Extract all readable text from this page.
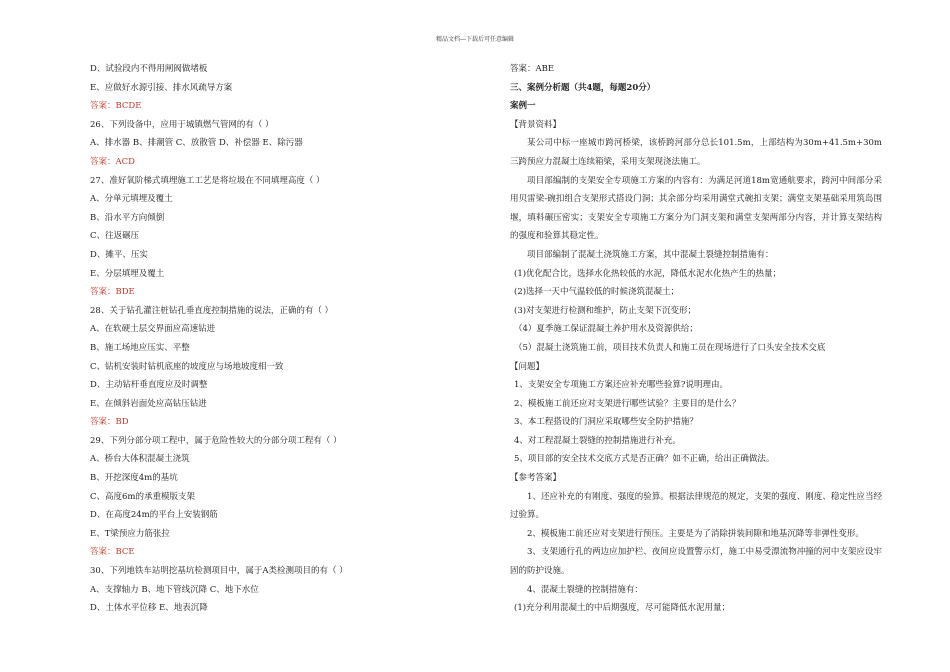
精品文档---下载后可任意编辑
D、试验段内不得用闸阀做堵板
E、应做好水源引接、排水风疏导方案
答案：BCDE
26、下列设备中，应用于城镇燃气管网的有（ ）
A、排水器 B、排潮管 C、放散管 D、补偿器 E、除污器
答案：ACD
27、准好氧阶梯式填埋施工工艺是将垃圾在不同填埋高度（ ）
A、分单元填埋及覆土
B、沿水平方向倾倒
C、往返碾压
D、摊平、压实
E、分层填埋及覆土
答案：BDE
28、关于钻孔灌注桩钻孔垂直度控制措施的说法，正确的有（ ）
A、在软硬土层交界面应高速钻进
B、施工场地应压实、平整
C、钻机安装时钻机底座的坡度应与场地坡度相一致
D、主动钻杆垂直度应及时调整
E、在倾斜岩面处应高钻压钻进
答案：BD
29、下列分部分项工程中，属于危险性较大的分部分项工程有（ ）
A、桥台大体积混凝土浇筑
B、开挖深度4m的基坑
C、高度6m的承重模版支架
D、在高度24m的平台上安装钢筋
E、T梁预应力筋张拉
答案：BCE
30、下列地铁车站明挖基坑检测项目中，属于A类检测项目的有（ ）
A、支撑轴力 B、地下管线沉降 C、地下水位
D、土体水平位移 E、地表沉降
答案：ABE
三、案例分析题（共4题，每题20分）
案例一
【背景资料】
某公司中标一座城市跨河桥梁，该桥跨河部分总长101.5m，上部结构为30m+41.5m+30m三跨预应力混凝土连续箱梁，采用支架现浇法施工。
项目部编制的支架安全专项施工方案的内容有：为满足河道18m宽通航要求，跨河中间部分采用贝雷梁-碗扣组合支架形式搭设门洞；其余部分均采用满堂式碗扣支架；满堂支架基础采用筑岛围堰，填料碾压密实；支架安全专项施工方案分为门洞支架和满堂支架两部分内容，并计算支架结构的强度和验算其稳定性。
项目部编制了混凝土浇筑施工方案，其中混凝土裂缝控制措施有：
(1)优化配合比，选择水化热较低的水泥，降低水泥水化热产生的热量；
(2)选择一天中气温较低的时候浇筑混凝土；
(3)对支架进行检测和维护，防止支架下沉变形；
（4）夏季施工保证混凝土养护用水及资源供给；
（5）混凝土浇筑施工前，项目技术负责人和施工员在现场进行了口头安全技术交底
【问题】
1、支架安全专项施工方案还应补充哪些验算?说明理由。
2、模板施工前还应对支架进行哪些试验？主要目的是什么？
3、本工程搭设的门洞应采取哪些安全防护措施？
4、对工程混凝土裂缝的控制措施进行补充。
5、项目部的安全技术交底方式是否正确？如不正确，给出正确做法。
【参考答案】
1、还应补充的有刚度、强度的验算。根据法律规范的规定，支架的强度、刚度、稳定性应当经过验算。
2、模板施工前还应对支架进行预压。主要是为了消除拼装间隙和地基沉降等非弹性变形。
3、支架通行孔的两边应加护栏、夜间应设置警示灯，施工中易受漂流物冲撞的河中支架应设牢固的防护设施。
4、混凝土裂缝的控制措施有：
(1)充分利用混凝土的中后期强度，尽可能降低水泥用量；
